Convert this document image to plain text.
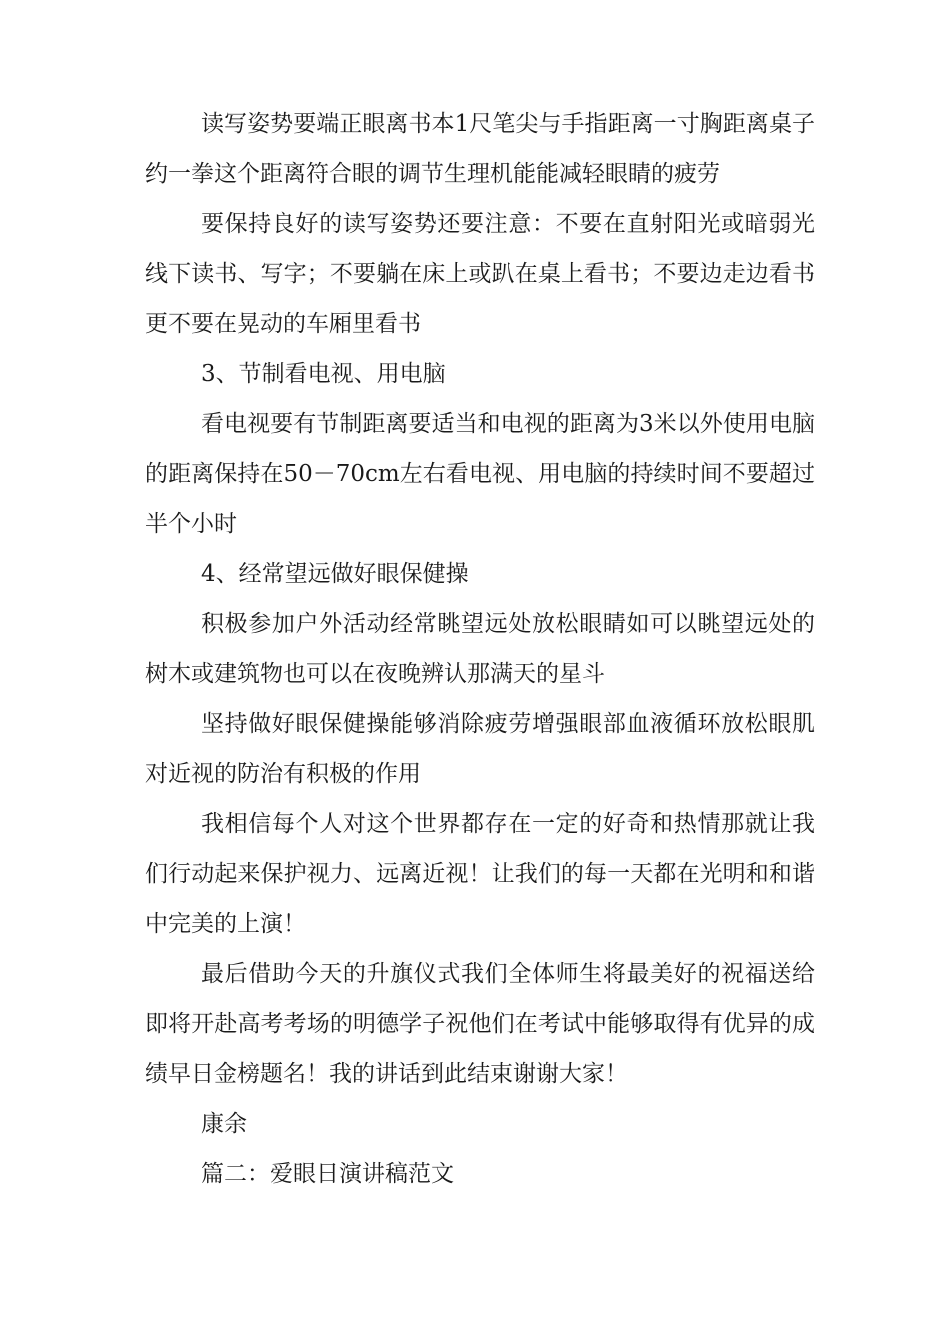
读写姿势要端正眼离书本1尺笔尖与手指距离一寸胸距离桌子约一拳这个距离符合眼的调节生理机能能减轻眼睛的疲劳

要保持良好的读写姿势还要注意：不要在直射阳光或暗弱光线下读书、写字；不要躺在床上或趴在桌上看书；不要边走边看书更不要在晃动的车厢里看书

3、节制看电视、用电脑

看电视要有节制距离要适当和电视的距离为3米以外使用电脑的距离保持在50－70cm左右看电视、用电脑的持续时间不要超过半个小时

4、经常望远做好眼保健操

积极参加户外活动经常眺望远处放松眼睛如可以眺望远处的树木或建筑物也可以在夜晚辨认那满天的星斗

坚持做好眼保健操能够消除疲劳增强眼部血液循环放松眼肌对近视的防治有积极的作用

我相信每个人对这个世界都存在一定的好奇和热情那就让我们行动起来保护视力、远离近视！让我们的每一天都在光明和和谐中完美的上演！

最后借助今天的升旗仪式我们全体师生将最美好的祝福送给即将开赴高考考场的明德学子祝他们在考试中能够取得有优异的成绩早日金榜题名！我的讲话到此结束谢谢大家！

康余

篇二：爱眼日演讲稿范文
